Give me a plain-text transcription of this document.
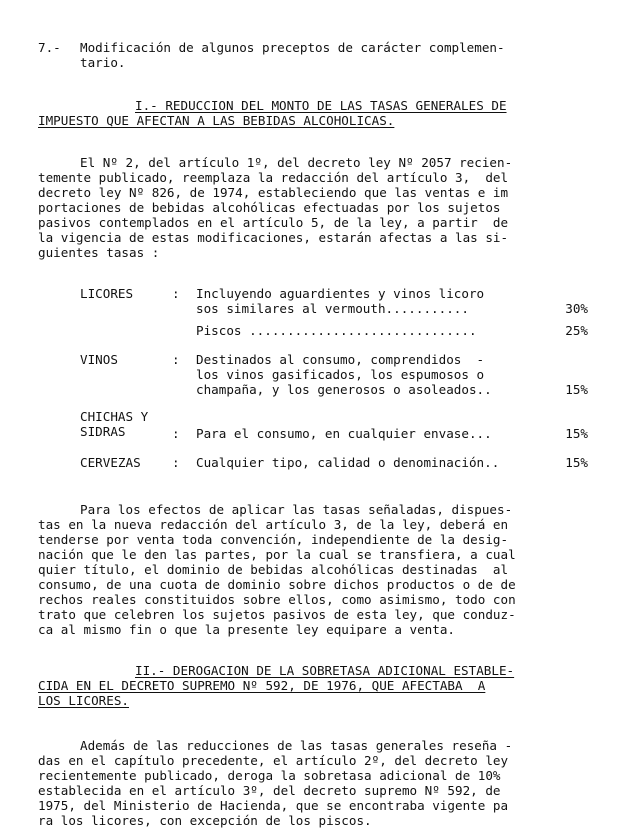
7.- Modificación de algunos preceptos de carácter complemen-
tario.
I.- REDUCCION DEL MONTO DE LAS TASAS GENERALES DE
IMPUESTO QUE AFECTAN A LAS BEBIDAS ALCOHOLICAS.
El Nº 2, del artículo 1º, del decreto ley Nº 2057 recien-
temente publicado, reemplaza la redacción del artículo 3,  del
decreto ley Nº 826, de 1974, estableciendo que las ventas e im
portaciones de bebidas alcohólicas efectuadas por los sujetos
pasivos contemplados en el artículo 5, de la ley, a partir  de
la vigencia de estas modificaciones, estarán afectas a las si-
guientes tasas :
LICORES	: Incluyendo aguardientes y vinos licoro
sos similares al vermouth...........	30%
Piscos ..............................	25%
VINOS	: Destinados al consumo, comprendidos  -
los vinos gasificados, los espumosos o
champaña, y los generosos o asoleados..	15%
CHICHAS Y
SIDRAS	: Para el consumo, en cualquier envase...	15%
CERVEZAS : Cualquier tipo, calidad o denominación..	15%
Para los efectos de aplicar las tasas señaladas, dispues-
tas en la nueva redacción del artículo 3, de la ley, deberá en
tenderse por venta toda convención, independiente de la desig-
nación que le den las partes, por la cual se transfiera, a cual
quier título, el dominio de bebidas alcohólicas destinadas  al
consumo, de una cuota de dominio sobre dichos productos o de de
rechos reales constituidos sobre ellos, como asimismo, todo con
trato que celebren los sujetos pasivos de esta ley, que conduz-
ca al mismo fin o que la presente ley equipare a venta.
II.- DEROGACION DE LA SOBRETASA ADICIONAL ESTABLE-
CIDA EN EL DECRETO SUPREMO Nº 592, DE 1976, QUE AFECTABA  A
LOS LICORES.
Además de las reducciones de las tasas generales reseña -
das en el capítulo precedente, el artículo 2º, del decreto ley
recientemente publicado, deroga la sobretasa adicional de 10%
establecida en el artículo 3º, del decreto supremo Nº 592, de
1975, del Ministerio de Hacienda, que se encontraba vigente pa
ra los licores, con excepción de los piscos.
